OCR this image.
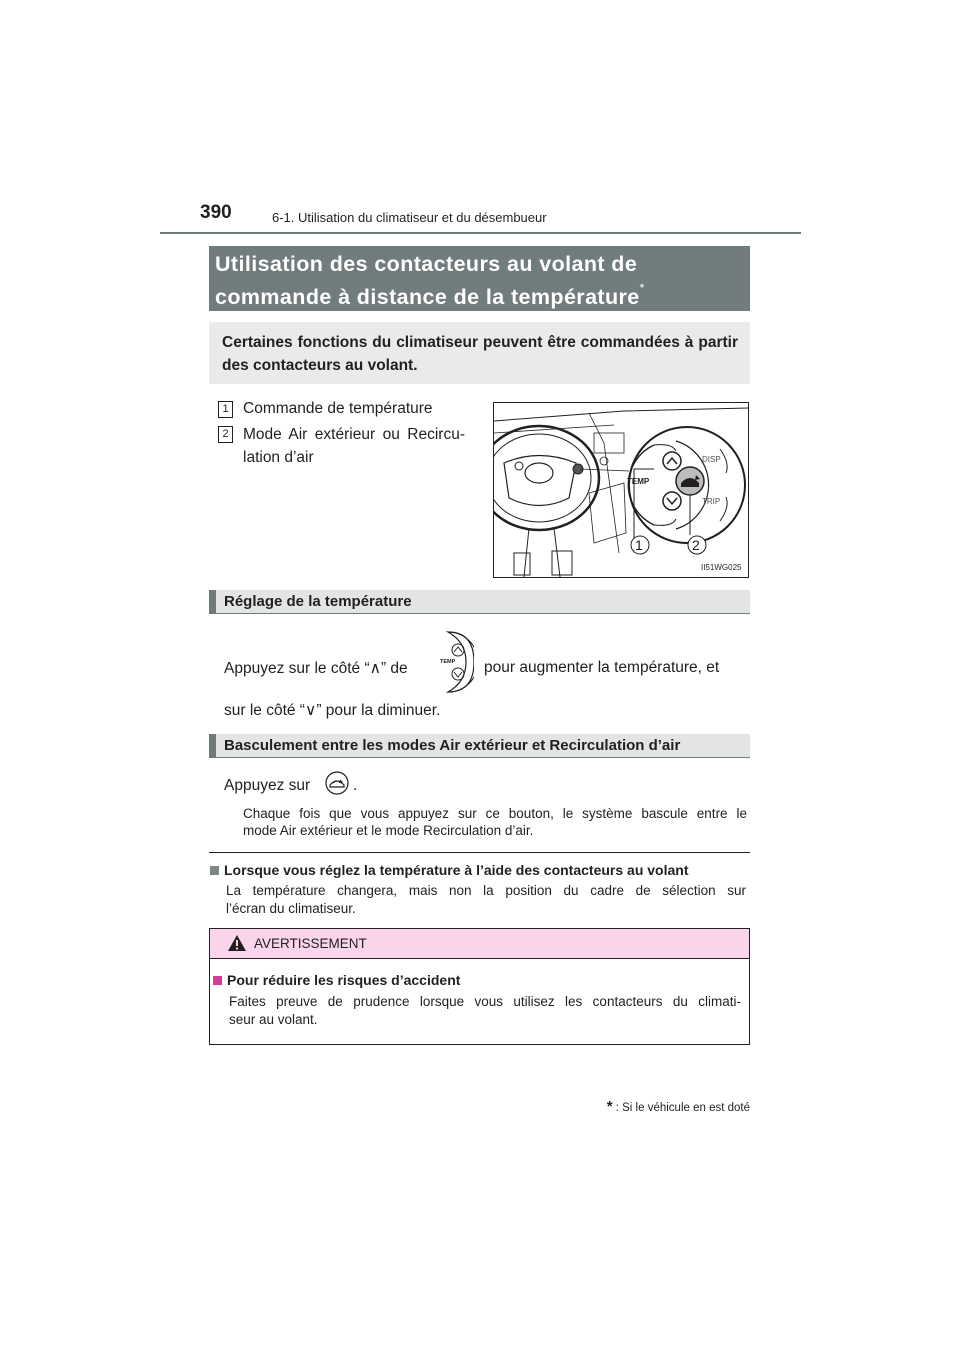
390	6-1. Utilisation du climatiseur et du désembueur
Utilisation des contacteurs au volant de
commande à distance de la température*
Certaines fonctions du climatiseur peuvent être commandées à partir des contacteurs au volant.
1 Commande de température
2 Mode Air extérieur ou Recircu-
lation d’air
TEMP
DISP
TRIP
1	2
II51WG025
Réglage de la température
Appuyez sur le côté “∧” de	TEMP pour augmenter la température, et
sur le côté “∨” pour la diminuer.
Basculement entre les modes Air extérieur et Recirculation d’air
Appuyez sur	.
Chaque fois que vous appuyez sur ce bouton, le système bascule entre le
mode Air extérieur et le mode Recirculation d’air.
Lorsque vous réglez la température à l’aide des contacteurs au volant
La température changera, mais non la position du cadre de sélection sur
l’écran du climatiseur.
AVERTISSEMENT
Pour réduire les risques d’accident
Faites preuve de prudence lorsque vous utilisez les contacteurs du climati-
seur au volant.
* : Si le véhicule en est doté
